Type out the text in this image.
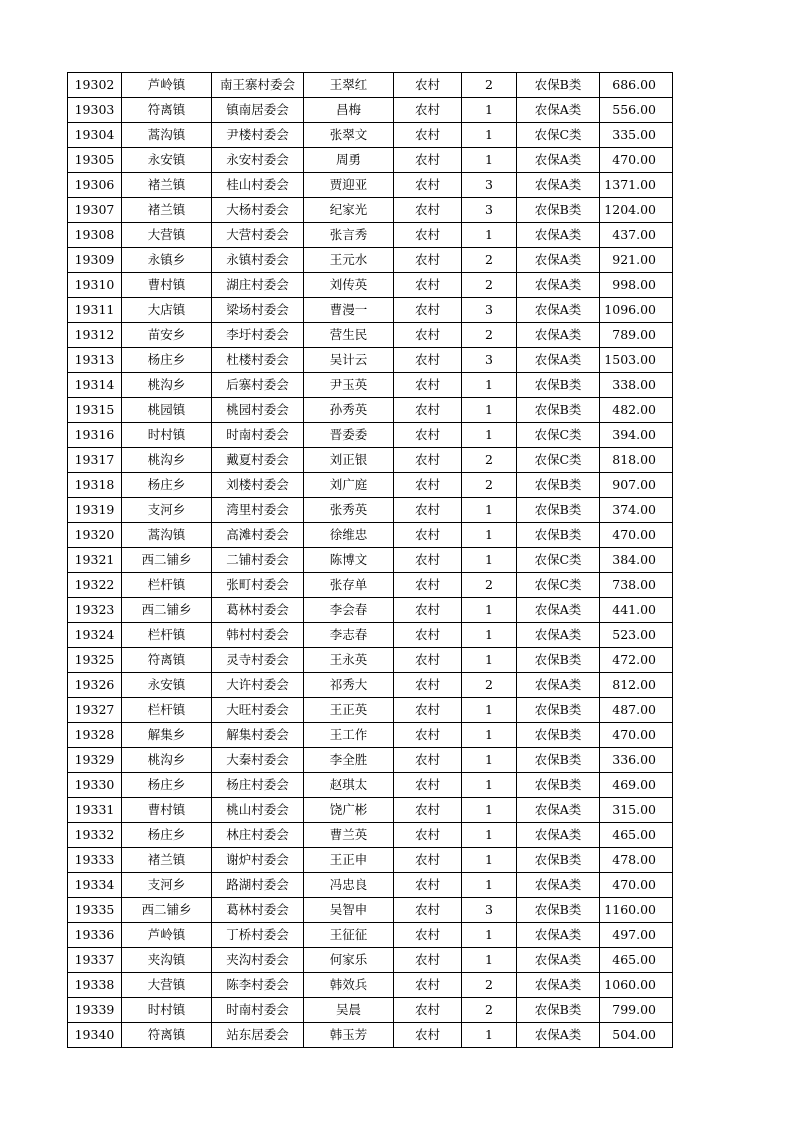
19302	芦岭镇	南王寨村委会	王翠红	农村	2	农保B类	686.00
19303	符离镇	镇南居委会	昌梅	农村	1	农保A类	556.00
19304	蒿沟镇	尹楼村委会	张翠文	农村	1	农保C类	335.00
19305	永安镇	永安村委会	周勇	农村	1	农保A类	470.00
19306	褚兰镇	桂山村委会	贾迎亚	农村	3	农保A类	1371.00
19307	褚兰镇	大杨村委会	纪家光	农村	3	农保B类	1204.00
19308	大营镇	大营村委会	张言秀	农村	1	农保A类	437.00
19309	永镇乡	永镇村委会	王元水	农村	2	农保A类	921.00
19310	曹村镇	湖庄村委会	刘传英	农村	2	农保A类	998.00
19311	大店镇	梁场村委会	曹漫一	农村	3	农保A类	1096.00
19312	苗安乡	李圩村委会	营生民	农村	2	农保A类	789.00
19313	杨庄乡	杜楼村委会	吴计云	农村	3	农保A类	1503.00
19314	桃沟乡	后寨村委会	尹玉英	农村	1	农保B类	338.00
19315	桃园镇	桃园村委会	孙秀英	农村	1	农保B类	482.00
19316	时村镇	时南村委会	晋委委	农村	1	农保C类	394.00
19317	桃沟乡	戴夏村委会	刘正银	农村	2	农保C类	818.00
19318	杨庄乡	刘楼村委会	刘广庭	农村	2	农保B类	907.00
19319	支河乡	湾里村委会	张秀英	农村	1	农保B类	374.00
19320	蒿沟镇	高滩村委会	徐维忠	农村	1	农保B类	470.00
19321	西二铺乡	二铺村委会	陈博文	农村	1	农保C类	384.00
19322	栏杆镇	张町村委会	张存单	农村	2	农保C类	738.00
19323	西二铺乡	葛林村委会	李会春	农村	1	农保A类	441.00
19324	栏杆镇	韩村村委会	李志春	农村	1	农保A类	523.00
19325	符离镇	灵寺村委会	王永英	农村	1	农保B类	472.00
19326	永安镇	大许村委会	祁秀大	农村	2	农保A类	812.00
19327	栏杆镇	大旺村委会	王正英	农村	1	农保B类	487.00
19328	解集乡	解集村委会	王工作	农村	1	农保B类	470.00
19329	桃沟乡	大秦村委会	李全胜	农村	1	农保B类	336.00
19330	杨庄乡	杨庄村委会	赵琪太	农村	1	农保B类	469.00
19331	曹村镇	桃山村委会	饶广彬	农村	1	农保A类	315.00
19332	杨庄乡	林庄村委会	曹兰英	农村	1	农保A类	465.00
19333	褚兰镇	谢炉村委会	王正申	农村	1	农保B类	478.00
19334	支河乡	路湖村委会	冯忠良	农村	1	农保A类	470.00
19335	西二铺乡	葛林村委会	吴智申	农村	3	农保B类	1160.00
19336	芦岭镇	丁桥村委会	王征征	农村	1	农保A类	497.00
19337	夹沟镇	夹沟村委会	何家乐	农村	1	农保A类	465.00
19338	大营镇	陈李村委会	韩效兵	农村	2	农保A类	1060.00
19339	时村镇	时南村委会	吴晨	农村	2	农保B类	799.00
19340	符离镇	站东居委会	韩玉芳	农村	1	农保A类	504.00
